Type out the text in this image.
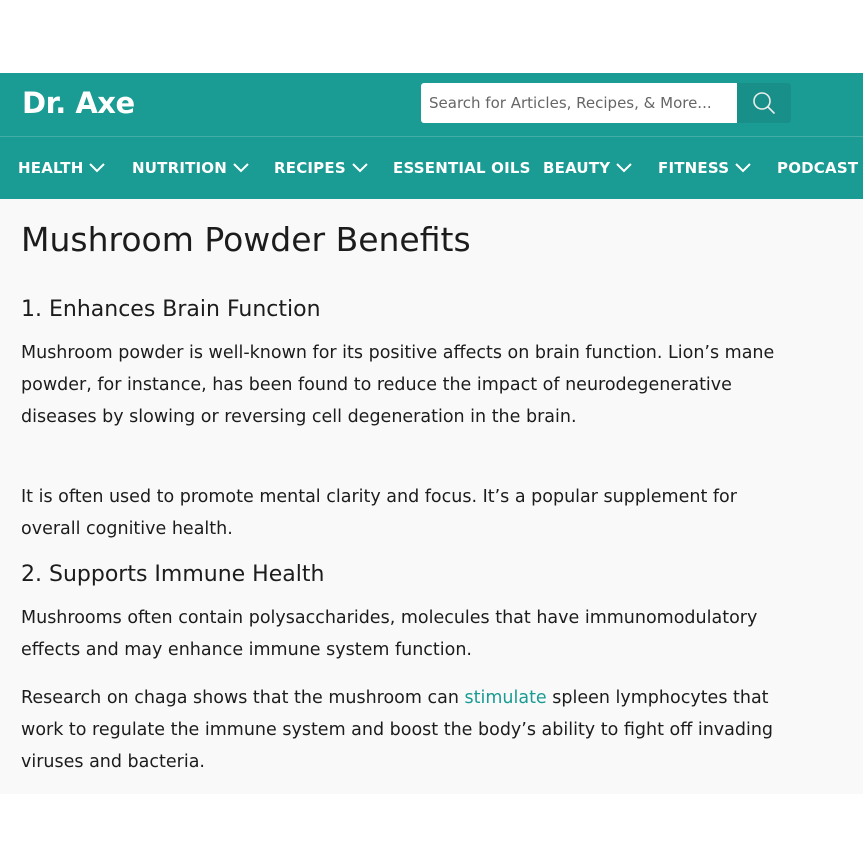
Dr. Axe
Search for Articles, Recipes, & More...
HEALTH	NUTRITION	RECIPES	ESSENTIAL OILS BEAUTY	FITNESS	PODCAST
Mushroom Powder Benefits
1. Enhances Brain Function

Mushroom powder is well-known for its positive affects on brain function. Lion’s mane powder, for instance, has been found to reduce the impact of neurodegenerative diseases by slowing or reversing cell degeneration in the brain.

It is often used to promote mental clarity and focus. It’s a popular supplement for overall cognitive health.

2. Supports Immune Health

Mushrooms often contain polysaccharides, molecules that have immunomodulatory effects and may enhance immune system function.

Research on chaga shows that the mushroom can stimulate spleen lymphocytes that work to regulate the immune system and boost the body’s ability to fight off invading viruses and bacteria.
